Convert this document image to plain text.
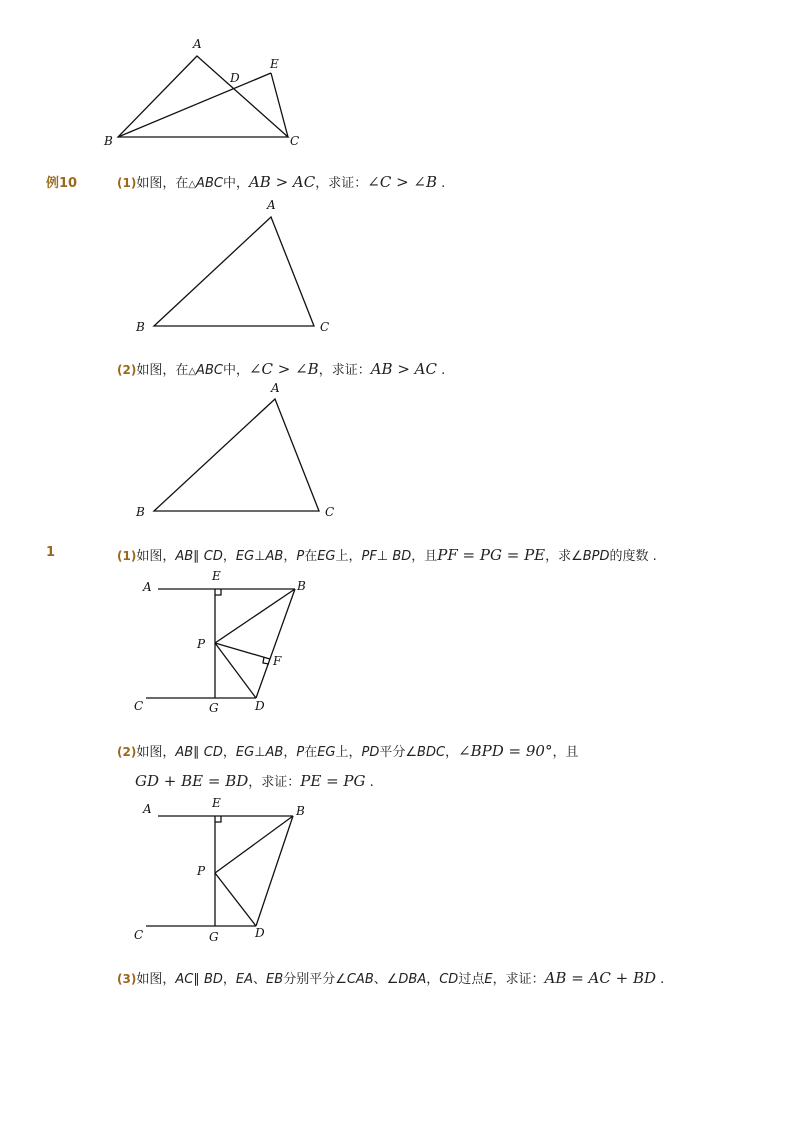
A
D
E
B	C
例10	(1)如图，在△ABC中，AB > AC，求证：∠C > ∠B .
A
B	C
(2)如图，在△ABC中，∠C > ∠B，求证：AB > AC .
A
B	C
1	(1)如图，AB∥ CD，EG⊥AB，P在EG上，PF⊥ BD，且PF = PG = PE，求∠BPD的度数 .
A
E
B
P
F
C	G	D
(2)如图，AB∥ CD，EG⊥AB，P在EG上，PD平分∠BDC，∠BPD = 90°，且
GD + BE = BD，求证：PE = PG .
A	E
B
P
C	G	D
(3)如图，AC∥ BD，EA、EB分别平分∠CAB、∠DBA，CD过点E，求证：AB = AC + BD .
